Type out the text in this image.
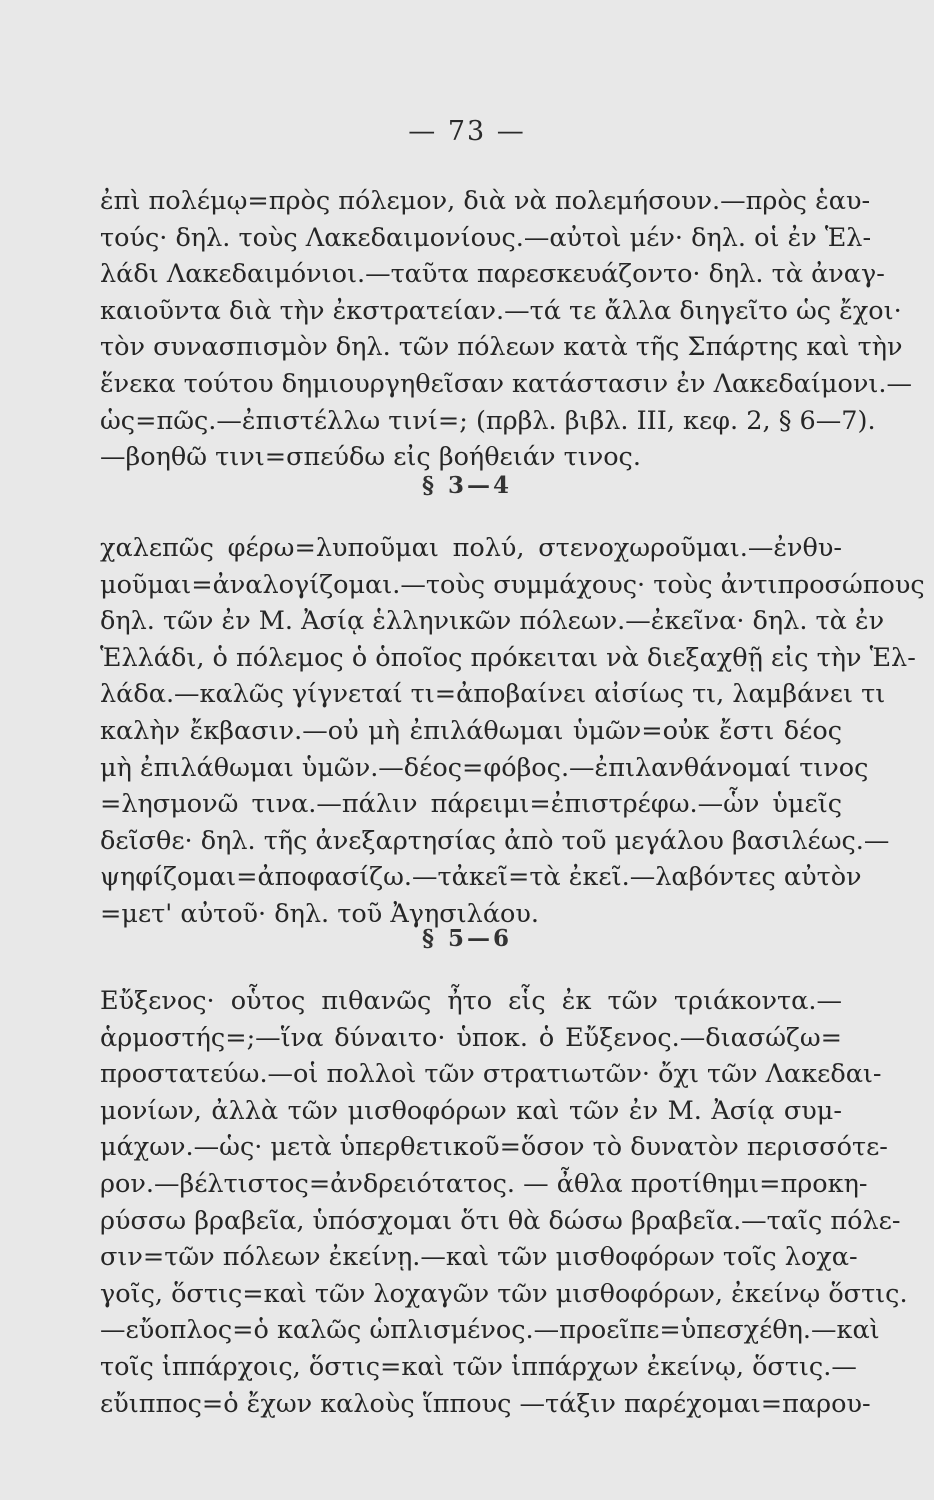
— 73 —

ἐπὶ πολέμῳ=πρὸς πόλεμον, διὰ νὰ πολεμήσουν.—πρὸς ἑαυ-
τούς· δηλ. τοὺς Λακεδαιμονίους.—αὐτοὶ μέν· δηλ. οἱ ἐν Ἑλ-
λάδι Λακεδαιμόνιοι.—ταῦτα παρεσκευάζοντο· δηλ. τὰ ἀναγ-
καιοῦντα διὰ τὴν ἐκστρατείαν.—τά τε ἄλλα διηγεῖτο ὡς ἔχοι·
τὸν συνασπισμὸν δηλ. τῶν πόλεων κατὰ τῆς Σπάρτης καὶ τὴν
ἕνεκα τούτου δημιουργηθεῖσαν κατάστασιν ἐν Λακεδαίμονι.—
ὡς=πῶς.—ἐπιστέλλω τινί=; (πρβλ. βιβλ. III, κεφ. 2, § 6—7).
—βοηθῶ τινι=σπεύδω εἰς βοήθειάν τινος.

§ 3—4

χαλεπῶς φέρω=λυποῦμαι πολύ, στενοχωροῦμαι.—ἐνθυ-
μοῦμαι=ἀναλογίζομαι.—τοὺς συμμάχους· τοὺς ἀντιπροσώπους
δηλ. τῶν ἐν Μ. Ἀσίᾳ ἑλληνικῶν πόλεων.—ἐκεῖνα· δηλ. τὰ ἐν
Ἑλλάδι, ὁ πόλεμος ὁ ὁποῖος πρόκειται νὰ διεξαχθῇ εἰς τὴν Ἑλ-
λάδα.—καλῶς γίγνεταί τι=ἀποβαίνει αἰσίως τι, λαμβάνει τι
καλὴν ἔκβασιν.—οὐ μὴ ἐπιλάθωμαι ὑμῶν=οὐκ ἔστι δέος
μὴ ἐπιλάθωμαι ὑμῶν.—δέος=φόβος.—ἐπιλανθάνομαί τινος
=λησμονῶ τινα.—πάλιν πάρειμι=ἐπιστρέφω.—ὧν ὑμεῖς
δεῖσθε· δηλ. τῆς ἀνεξαρτησίας ἀπὸ τοῦ μεγάλου βασιλέως.—
ψηφίζομαι=ἀποφασίζω.—τἀκεῖ=τὰ ἐκεῖ.—λαβόντες αὐτὸν
=μετ' αὐτοῦ· δηλ. τοῦ Ἀγησιλάου.

§ 5—6

Εὔξενος· οὗτος πιθανῶς ἦτο εἷς ἐκ τῶν τριάκοντα.—
ἁρμοστής=;—ἵνα δύναιτο· ὑποκ. ὁ Εὔξενος.—διασώζω=
προστατεύω.—οἱ πολλοὶ τῶν στρατιωτῶν· ὄχι τῶν Λακεδαι-
μονίων, ἀλλὰ τῶν μισθοφόρων καὶ τῶν ἐν Μ. Ἀσίᾳ συμ-
μάχων.—ὡς· μετὰ ὑπερθετικοῦ=ὅσον τὸ δυνατὸν περισσότε-
ρον.—βέλτιστος=ἀνδρειότατος. — ἆθλα προτίθημι=προκη-
ρύσσω βραβεῖα, ὑπόσχομαι ὅτι θὰ δώσω βραβεῖα.—ταῖς πόλε-
σιν=τῶν πόλεων ἐκείνῃ.—καὶ τῶν μισθοφόρων τοῖς λοχα-
γοῖς, ὅστις=καὶ τῶν λοχαγῶν τῶν μισθοφόρων, ἐκείνῳ ὅστις.
—εὔοπλος=ὁ καλῶς ὡπλισμένος.—προεῖπε=ὑπεσχέθη.—καὶ
τοῖς ἱππάρχοις, ὅστις=καὶ τῶν ἱππάρχων ἐκείνῳ, ὅστις.—
εὔιππος=ὁ ἔχων καλοὺς ἵππους —τάξιν παρέχομαι=παρου-
